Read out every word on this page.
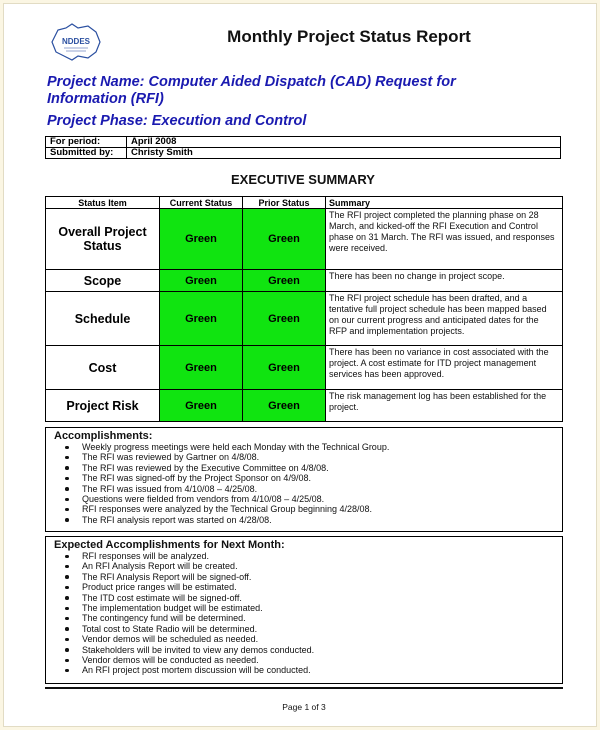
NDDES	Monthly Project Status Report
Project Name: Computer Aided Dispatch (CAD) Request for
Information (RFI)
Project Phase: Execution and Control
For period:	April 2008
Submitted by:	Christy Smith
EXECUTIVE SUMMARY
Status Item	Current Status	Prior Status	Summary
Overall Project Status	Green	Green	The RFI project completed the planning phase on 28 March, and kicked-off the RFI Execution and Control phase on 31 March. The RFI was issued, and responses were received.
Scope	Green	Green	There has been no change in project scope.
Schedule	Green	Green	The RFI project schedule has been drafted, and a tentative full project schedule has been mapped based on our current progress and anticipated dates for the RFP and implementation projects.
Cost	Green	Green	There has been no variance in cost associated with the project. A cost estimate for ITD project management services has been approved.
Project Risk	Green	Green	The risk management log has been established for the project.
Accomplishments:
Weekly progress meetings were held each Monday with the Technical Group.
The RFI was reviewed by Gartner on 4/8/08.
The RFI was reviewed by the Executive Committee on 4/8/08.
The RFI was signed-off by the Project Sponsor on 4/9/08.
The RFI was issued from 4/10/08 – 4/25/08.
Questions were fielded from vendors from 4/10/08 – 4/25/08.
RFI responses were analyzed by the Technical Group beginning 4/28/08.
The RFI analysis report was started on 4/28/08.
Expected Accomplishments for Next Month:
RFI responses will be analyzed.
An RFI Analysis Report will be created.
The RFI Analysis Report will be signed-off.
Product price ranges will be estimated.
The ITD cost estimate will be signed-off.
The implementation budget will be estimated.
The contingency fund will be determined.
Total cost to State Radio will be determined.
Vendor demos will be scheduled as needed.
Stakeholders will be invited to view any demos conducted.
Vendor demos will be conducted as needed.
An RFI project post mortem discussion will be conducted.
Page 1 of 3
